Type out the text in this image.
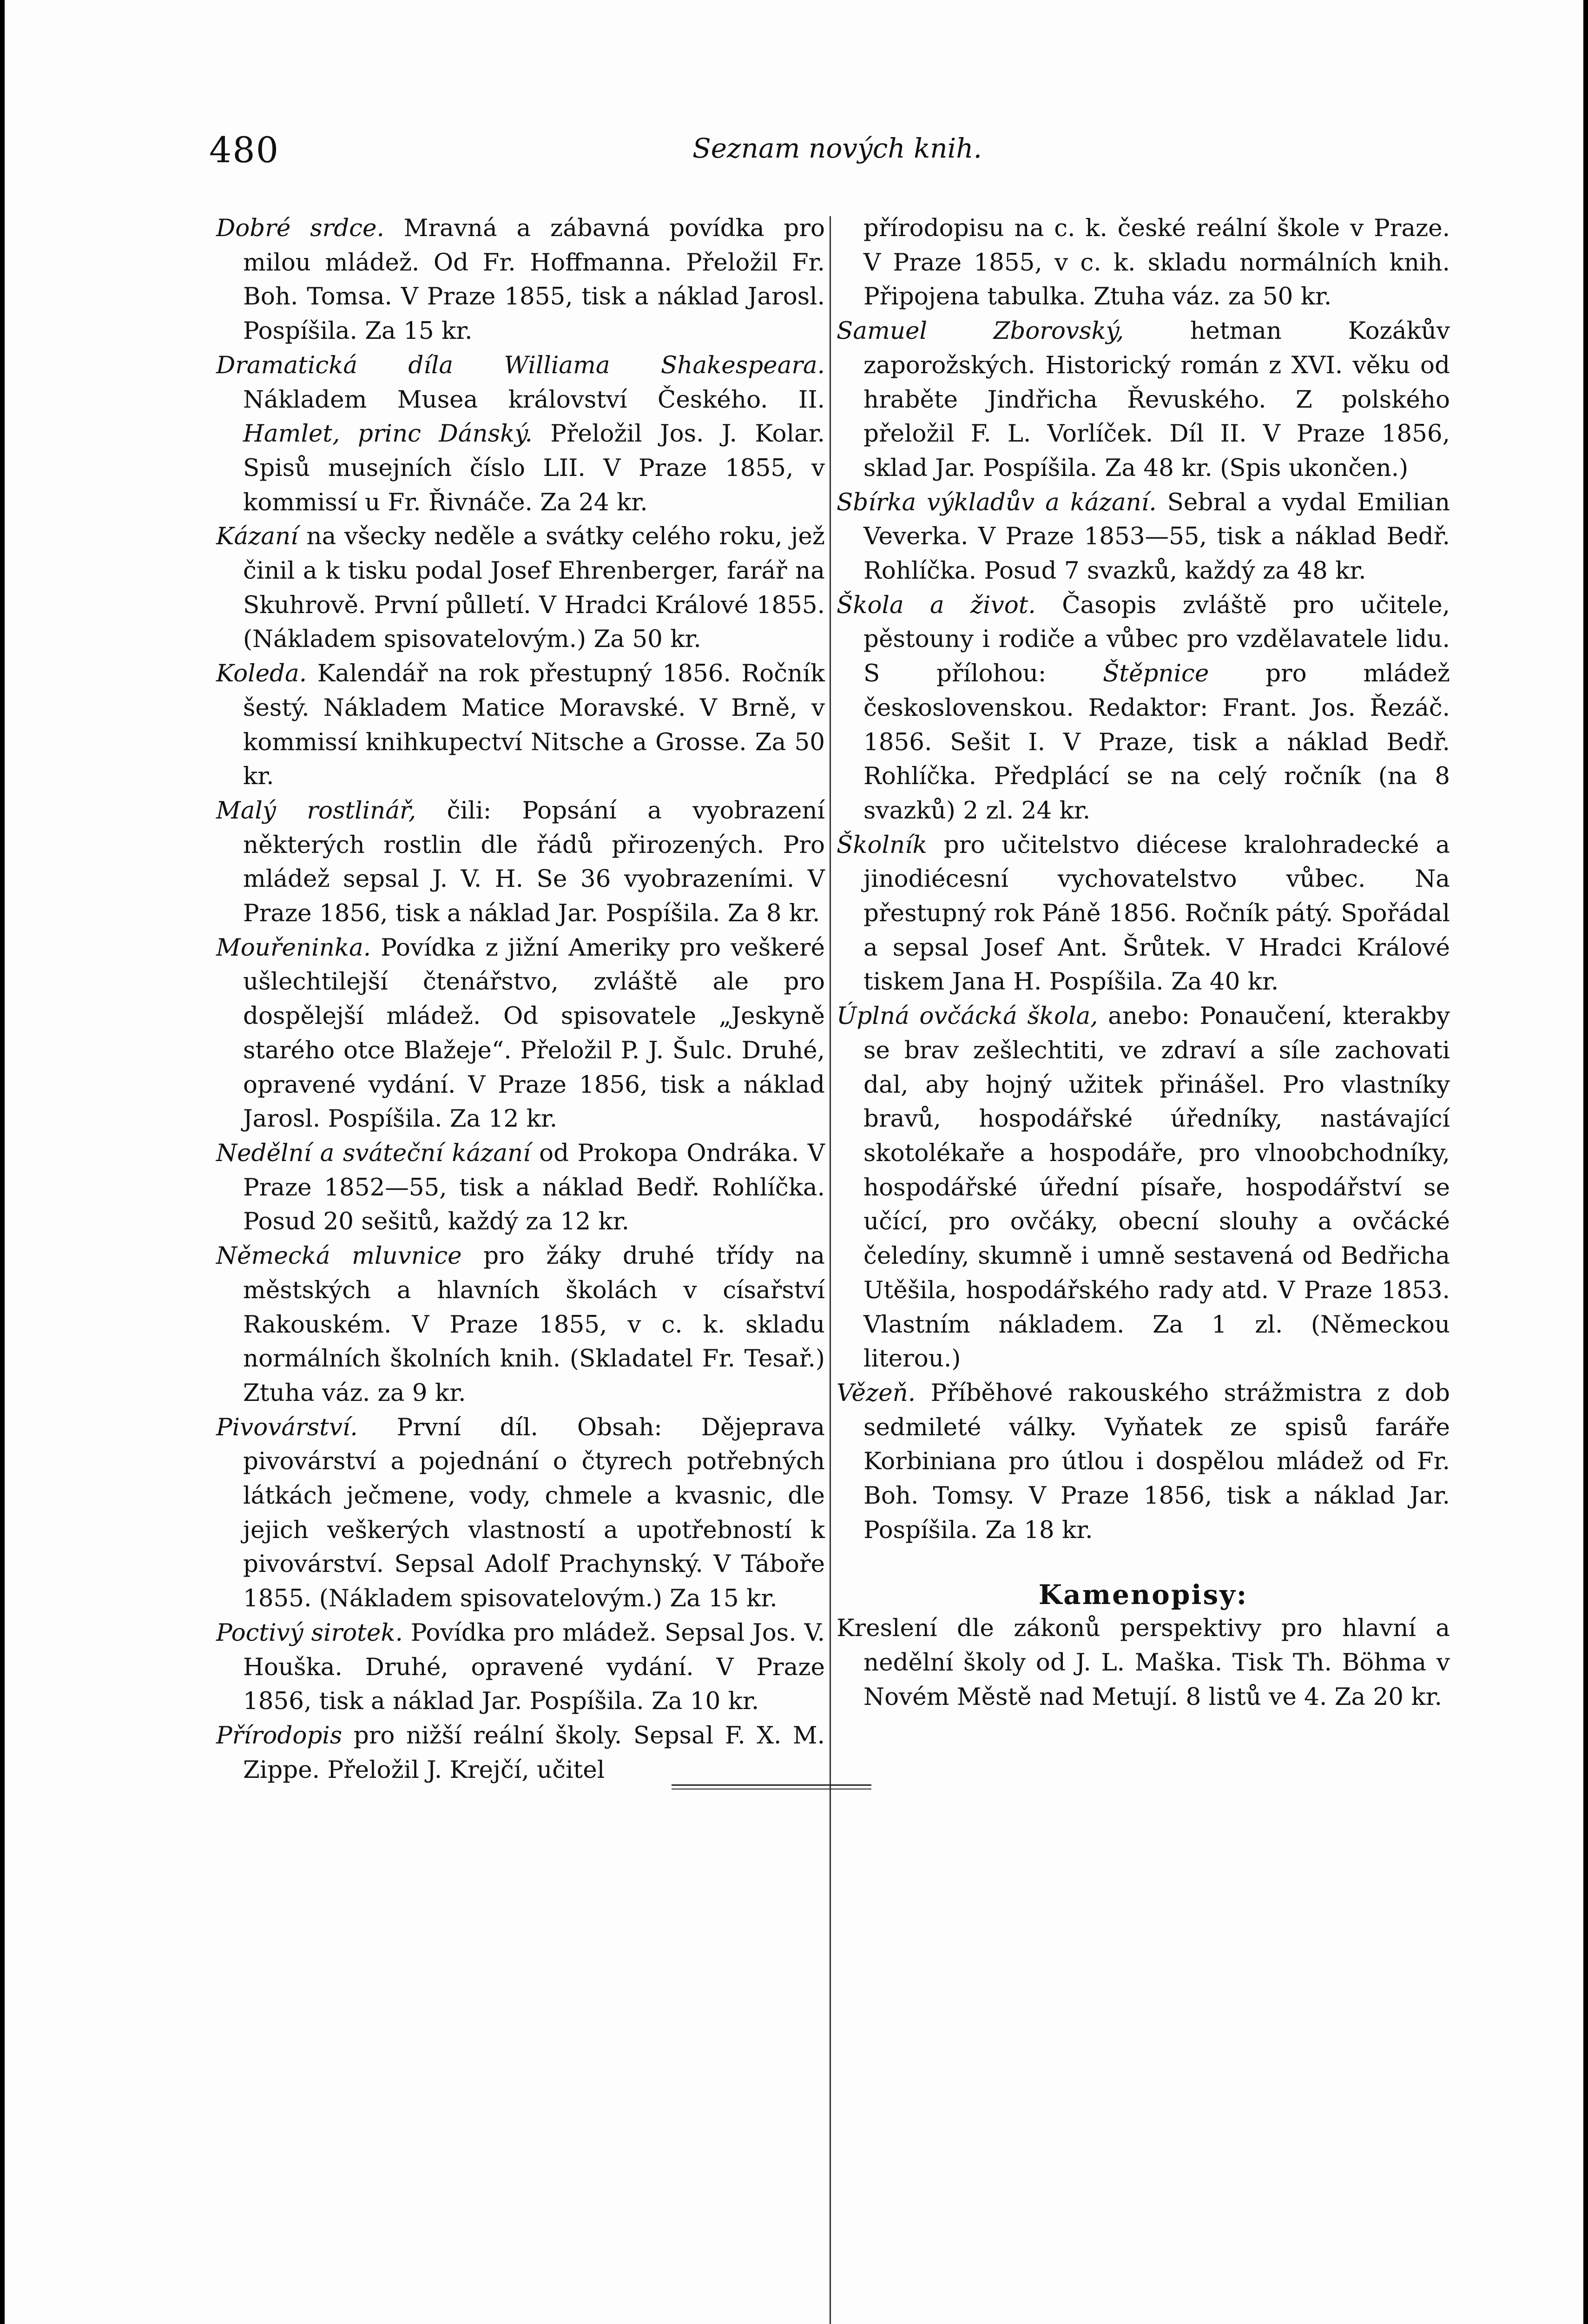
480	Seznam nových knih.

Dobré srdce. Mravná a zábavná povídka pro milou mládež. Od Fr. Hoffmanna. Přeložil Fr. Boh. Tomsa. V Praze 1855, tisk a náklad Jarosl. Pospíšila. Za 15 kr.

Dramatická díla Williama Shakespeara. Nákladem Musea království Českého. II. Hamlet, princ Dánský. Přeložil Jos. J. Kolar. Spisů musejních číslo LII. V Praze 1855, v kommissí u Fr. Řivnáče. Za 24 kr.

Kázaní na všecky neděle a svátky celého roku, jež činil a k tisku podal Josef Ehrenberger, farář na Skuhrově. První půlletí. V Hradci Králové 1855. (Nákladem spisovatelovým.) Za 50 kr.

Koleda. Kalendář na rok přestupný 1856. Ročník šestý. Nákladem Matice Moravské. V Brně, v kommissí knihkupectví Nitsche a Grosse. Za 50 kr.

Malý rostlinář, čili: Popsání a vyobrazení některých rostlin dle řádů přirozených. Pro mládež sepsal J. V. H. Se 36 vyobrazeními. V Praze 1856, tisk a náklad Jar. Pospíšila. Za 8 kr.

Mouřeninka. Povídka z jižní Ameriky pro veškeré ušlechtilejší čtenářstvo, zvláště ale pro dospělejší mládež. Od spisovatele „Jeskyně starého otce Blažeje“. Přeložil P. J. Šulc. Druhé, opravené vydání. V Praze 1856, tisk a náklad Jarosl. Pospíšila. Za 12 kr.

Nedělní a sváteční kázaní od Prokopa Ondráka. V Praze 1852—55, tisk a náklad Bedř. Rohlíčka. Posud 20 sešitů, každý za 12 kr.

Německá mluvnice pro žáky druhé třídy na městských a hlavních školách v císařství Rakouském. V Praze 1855, v c. k. skladu normálních školních knih. (Skladatel Fr. Tesař.) Ztuha váz. za 9 kr.

Pivovárství. První díl. Obsah: Dějeprava pivovárství a pojednání o čtyrech potřebných látkách ječmene, vody, chmele a kvasnic, dle jejich veškerých vlastností a upotřebností k pivovárství. Sepsal Adolf Prachynský. V Táboře 1855. (Nákladem spisovatelovým.) Za 15 kr.

Poctivý sirotek. Povídka pro mládež. Sepsal Jos. V. Houška. Druhé, opravené vydání. V Praze 1856, tisk a náklad Jar. Pospíšila. Za 10 kr.

Přírodopis pro nižší reální školy. Sepsal F. X. M. Zippe. Přeložil J. Krejčí, učitel

přírodopisu na c. k. české reální škole v Praze. V Praze 1855, v c. k. skladu normálních knih. Připojena tabulka. Ztuha váz. za 50 kr.

Samuel Zborovský, hetman Kozákův zaporožských. Historický román z XVI. věku od hraběte Jindřicha Řevuského. Z polského přeložil F. L. Vorlíček. Díl II. V Praze 1856, sklad Jar. Pospíšila. Za 48 kr. (Spis ukončen.)

Sbírka výkladův a kázaní. Sebral a vydal Emilian Veverka. V Praze 1853—55, tisk a náklad Bedř. Rohlíčka. Posud 7 svazků, každý za 48 kr.

Škola a život. Časopis zvláště pro učitele, pěstouny i rodiče a vůbec pro vzdělavatele lidu. S přílohou: Štěpnice pro mládež československou. Redaktor: Frant. Jos. Řezáč. 1856. Sešit I. V Praze, tisk a náklad Bedř. Rohlíčka. Předplácí se na celý ročník (na 8 svazků) 2 zl. 24 kr.

Školník pro učitelstvo diécese kralohradecké a jinodiécesní vychovatelstvo vůbec. Na přestupný rok Páně 1856. Ročník pátý. Spořádal a sepsal Josef Ant. Šrůtek. V Hradci Králové tiskem Jana H. Pospíšila. Za 40 kr.

Úplná ovčácká škola, anebo: Ponaučení, kterakby se brav zešlechtiti, ve zdraví a síle zachovati dal, aby hojný užitek přinášel. Pro vlastníky bravů, hospodářské úředníky, nastávající skotolékaře a hospodáře, pro vlnoobchodníky, hospodářské úřední písaře, hospodářství se učící, pro ovčáky, obecní slouhy a ovčácké čeledíny, skumně i umně sestavená od Bedřicha Utěšila, hospodářského rady atd. V Praze 1853. Vlastním nákladem. Za 1 zl. (Německou literou.)

Vězeň. Příběhové rakouského strážmistra z dob sedmileté války. Vyňatek ze spisů faráře Korbiniana pro útlou i dospělou mládež od Fr. Boh. Tomsy. V Praze 1856, tisk a náklad Jar. Pospíšila. Za 18 kr.

Kamenopisy:

Kreslení dle zákonů perspektivy pro hlavní a nedělní školy od J. L. Maška. Tisk Th. Böhma v Novém Městě nad Metují. 8 listů ve 4. Za 20 kr.
